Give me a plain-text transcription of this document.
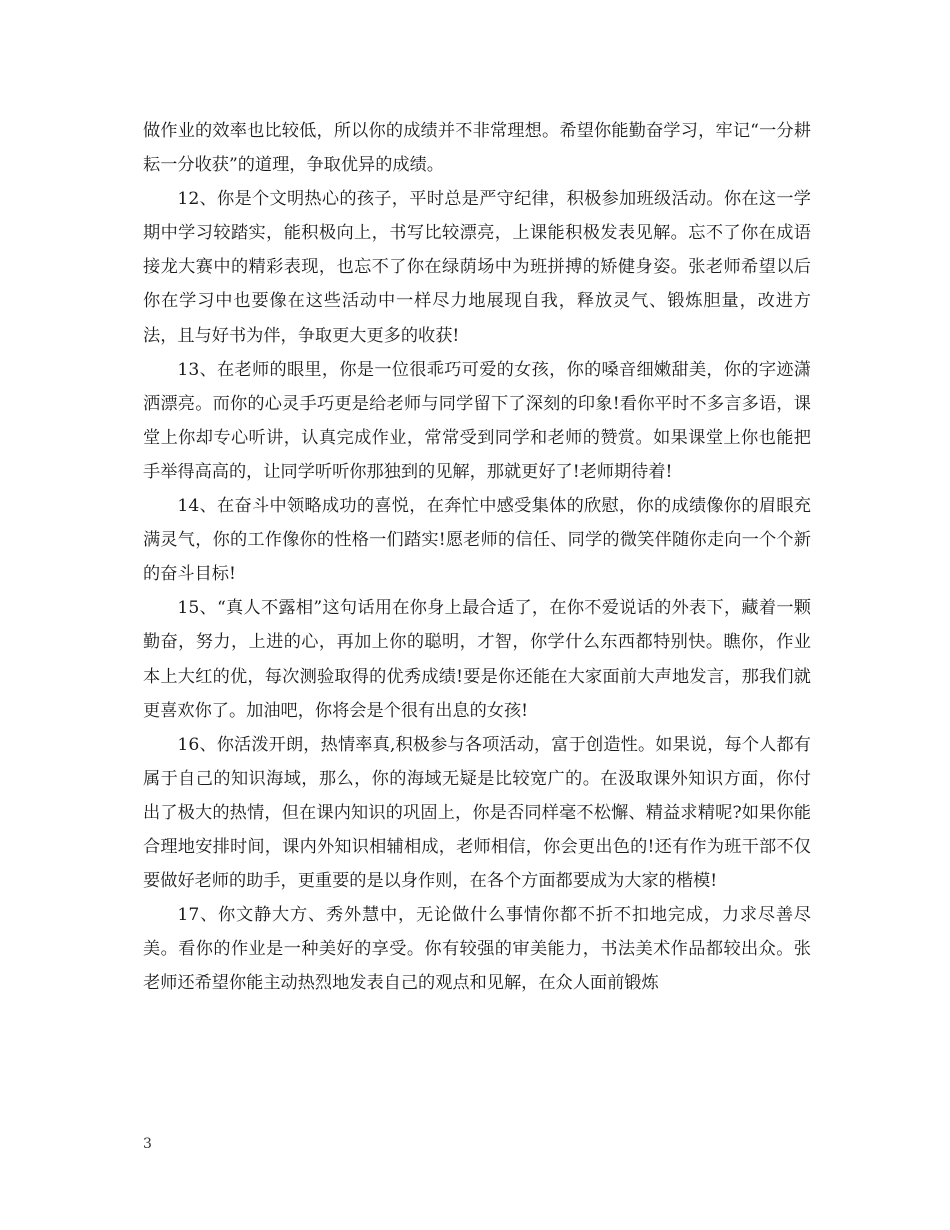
做作业的效率也比较低，所以你的成绩并不非常理想。希望你能勤奋学习，牢记“一分耕耘一分收获”的道理，争取优异的成绩。

12、你是个文明热心的孩子，平时总是严守纪律，积极参加班级活动。你在这一学期中学习较踏实，能积极向上，书写比较漂亮，上课能积极发表见解。忘不了你在成语接龙大赛中的精彩表现，也忘不了你在绿荫场中为班拼搏的矫健身姿。张老师希望以后你在学习中也要像在这些活动中一样尽力地展现自我，释放灵气、锻炼胆量，改进方法，且与好书为伴，争取更大更多的收获!

13、在老师的眼里，你是一位很乖巧可爱的女孩，你的嗓音细嫩甜美，你的字迹潇洒漂亮。而你的心灵手巧更是给老师与同学留下了深刻的印象!看你平时不多言多语，课堂上你却专心听讲，认真完成作业，常常受到同学和老师的赞赏。如果课堂上你也能把手举得高高的，让同学听听你那独到的见解，那就更好了!老师期待着!

14、在奋斗中领略成功的喜悦，在奔忙中感受集体的欣慰，你的成绩像你的眉眼充满灵气，你的工作像你的性格一们踏实!愿老师的信任、同学的微笑伴随你走向一个个新的奋斗目标!

15、“真人不露相”这句话用在你身上最合适了，在你不爱说话的外表下，藏着一颗勤奋，努力，上进的心，再加上你的聪明，才智，你学什么东西都特别快。瞧你，作业本上大红的优，每次测验取得的优秀成绩!要是你还能在大家面前大声地发言，那我们就更喜欢你了。加油吧，你将会是个很有出息的女孩!

16、你活泼开朗，热情率真,积极参与各项活动，富于创造性。如果说，每个人都有属于自己的知识海域，那么，你的海域无疑是比较宽广的。在汲取课外知识方面，你付出了极大的热情，但在课内知识的巩固上，你是否同样毫不松懈、精益求精呢?如果你能合理地安排时间，课内外知识相辅相成，老师相信，你会更出色的!还有作为班干部不仅要做好老师的助手，更重要的是以身作则，在各个方面都要成为大家的楷模!

17、你文静大方、秀外慧中，无论做什么事情你都不折不扣地完成，力求尽善尽美。看你的作业是一种美好的享受。你有较强的审美能力，书法美术作品都较出众。张老师还希望你能主动热烈地发表自己的观点和见解，在众人面前锻炼

3
